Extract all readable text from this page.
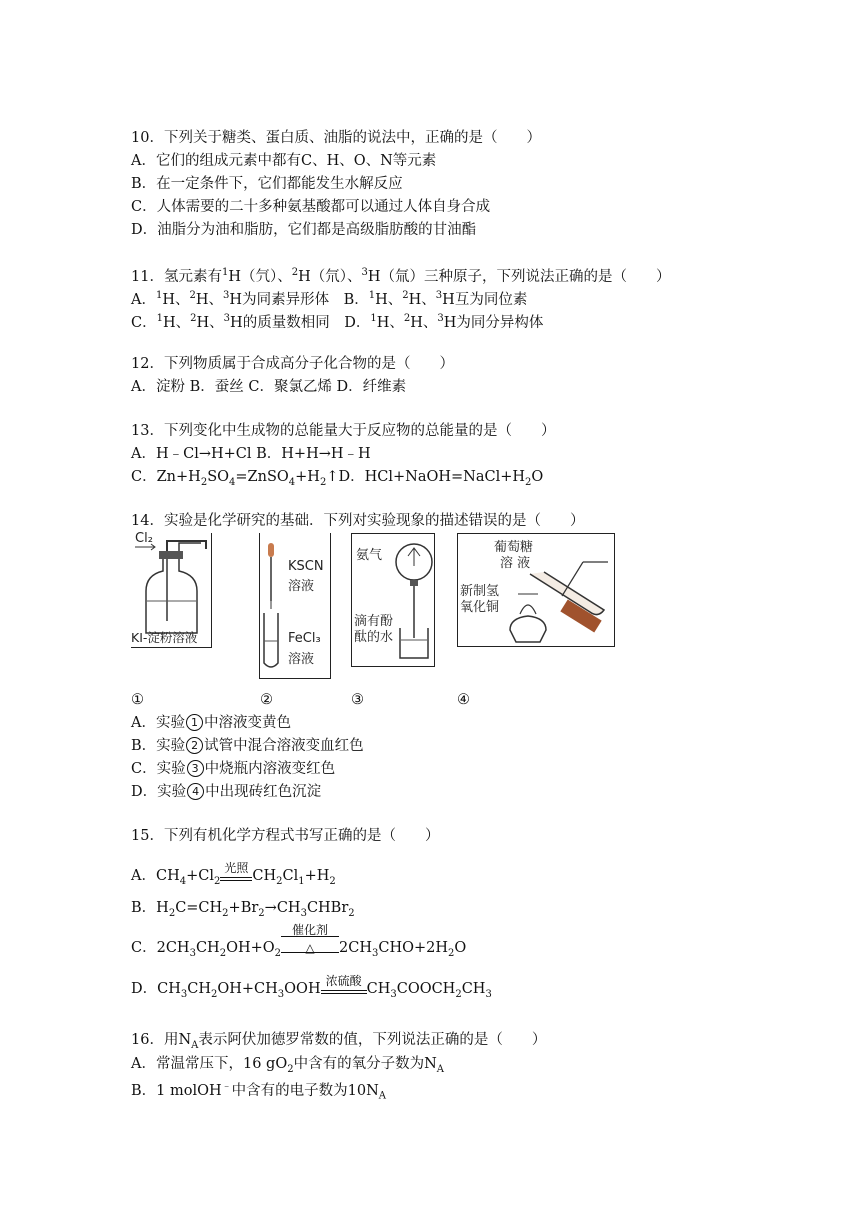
10．下列关于糖类、蛋白质、油脂的说法中，正确的是（　　）
A．它们的组成元素中都有C、H、O、N等元素
B．在一定条件下，它们都能发生水解反应
C．人体需要的二十多种氨基酸都可以通过人体自身合成
D．油脂分为油和脂肪，它们都是高级脂肪酸的甘油酯
11．氢元素有$^1$H（氕）、$^2$H（氘）、$^3$H（氚）三种原子，下列说法正确的是（　　）
A．$^1$H、$^2$H、$^3$H为同素异形体　 B．$^1$H、$^2$H、$^3$H互为同位素
C．$^1$H、$^2$H、$^3$H的质量数相同　 D．$^1$H、$^2$H、$^3$H为同分异构体
12．下列物质属于合成高分子化合物的是（　　）
A．淀粉 B．蚕丝 C．聚氯乙烯 D．纤维素
13．下列变化中生成物的总能量大于反应物的总能量的是（　　）
A．H﹣Cl→H+Cl B．H+H→H﹣H
C．$Zn+H_2SO_4=ZnSO_4+H_2↑D$．$HCl+NaOH=NaCl+H_2O$
14．实验是化学研究的基础．下列对实验现象的描述错误的是（　　）
Cl₂
KI-淀粉溶液
KSCN
溶液
FeCl₃
溶液
氨气
滴有酚
酞的水
葡萄糖
溶 液
新制氢
氧化铜
①	②	③	④
A．实验 1 中溶液变黄色
B．实验 2 试管中混合溶液变血红色
C．实验 3 中烧瓶内溶液变红色
D．实验 4 中出现砖红色沉淀
15．下列有机化学方程式书写正确的是（　　）
A．$CH_4+Cl_2$
光照 $CH_2Cl_1+H_2$
B．$H_2C=CH_2+Br_2\to CH_3CHBr_2$
C．$2CH_3CH_2OH+O_2$
催化剂
△	$2CH_3CHO+2H_2O$
D．$CH_3CH_2OH+CH_3OOH$ 浓硫酸 $CH_3COOCH_2CH_3$
16．用$N_A$表示阿伏加德罗常数的值，下列说法正确的是（　　）
A．常温常压下，16 $gO_2$中含有的氧分子数为$N_A$
B．1 molOH﹣中含有的电子数为$10N_A$
